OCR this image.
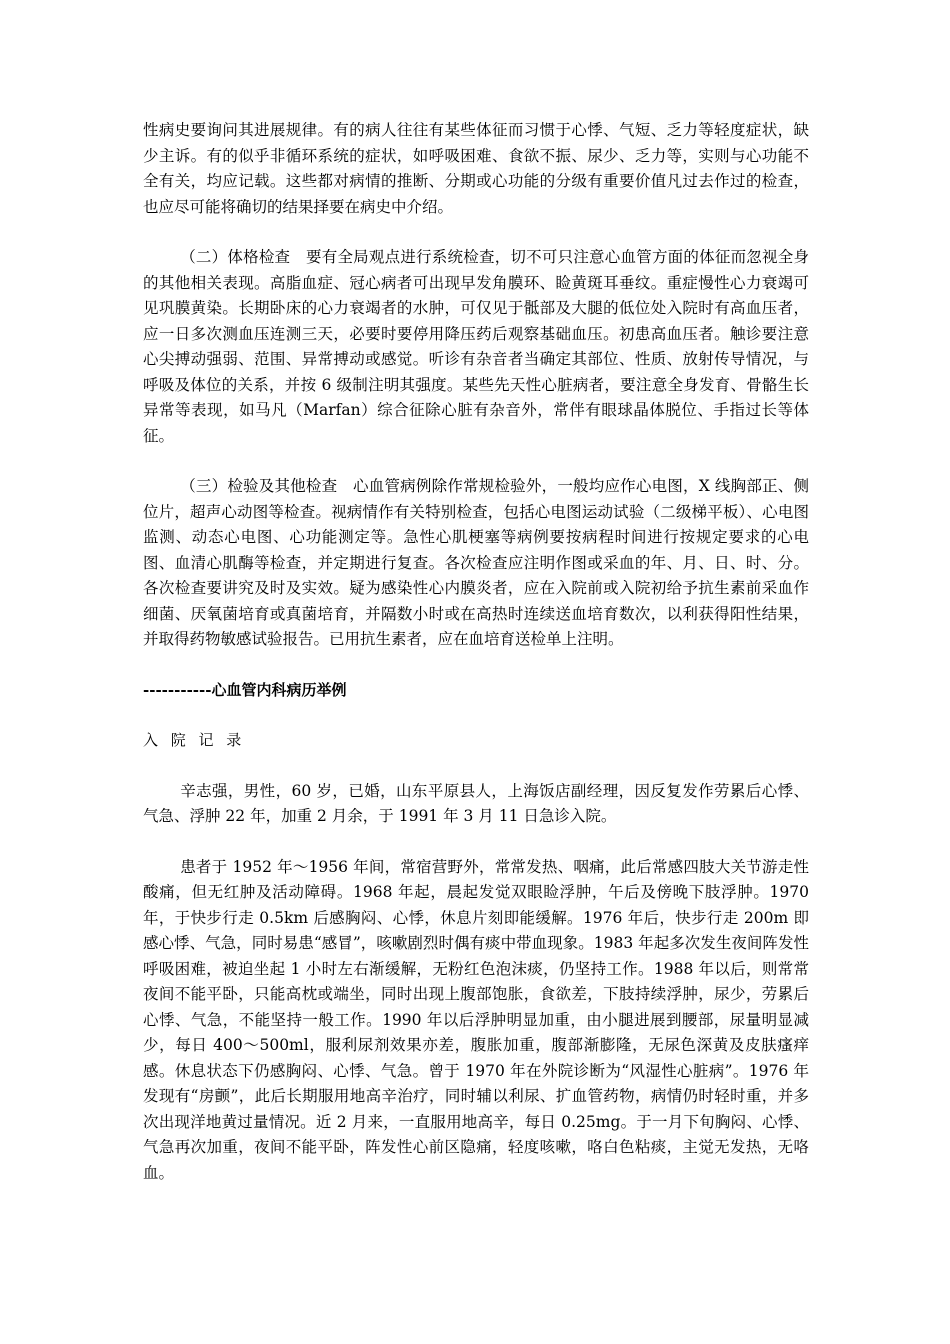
性病史要询问其进展规律。有的病人往往有某些体征而习惯于心悸、气短、乏力等轻度症状，缺少主诉。有的似乎非循环系统的症状，如呼吸困难、食欲不振、尿少、乏力等，实则与心功能不全有关，均应记载。这些都对病情的推断、分期或心功能的分级有重要价值凡过去作过的检查，也应尽可能将确切的结果择要在病史中介绍。

（二）体格检查　要有全局观点进行系统检查，切不可只注意心血管方面的体征而忽视全身的其他相关表现。高脂血症、冠心病者可出现早发角膜环、睑黄斑耳垂纹。重症慢性心力衰竭可见巩膜黄染。长期卧床的心力衰竭者的水肿，可仅见于骶部及大腿的低位处入院时有高血压者，应一日多次测血压连测三天，必要时要停用降压药后观察基础血压。初患高血压者。触诊要注意心尖搏动强弱、范围、异常搏动或感觉。听诊有杂音者当确定其部位、性质、放射传导情况，与呼吸及体位的关系，并按 6 级制注明其强度。某些先天性心脏病者，要注意全身发育、骨骼生长异常等表现，如马凡（Marfan）综合征除心脏有杂音外，常伴有眼球晶体脱位、手指过长等体征。

（三）检验及其他检查　心血管病例除作常规检验外，一般均应作心电图，X 线胸部正、侧位片，超声心动图等检查。视病情作有关特别检查，包括心电图运动试验（二级梯平板）、心电图监测、动态心电图、心功能测定等。急性心肌梗塞等病例要按病程时间进行按规定要求的心电图、血清心肌酶等检查，并定期进行复查。各次检查应注明作图或采血的年、月、日、时、分。各次检查要讲究及时及实效。疑为感染性心内膜炎者，应在入院前或入院初给予抗生素前采血作细菌、厌氧菌培育或真菌培育，并隔数小时或在高热时连续送血培育数次，以利获得阳性结果，并取得药物敏感试验报告。已用抗生素者，应在血培育送检单上注明。

-----------心血管内科病历举例

入 院 记 录

辛志强，男性，60 岁，已婚，山东平原县人，上海饭店副经理，因反复发作劳累后心悸、气急、浮肿 22 年，加重 2 月余，于 1991 年 3 月 11 日急诊入院。

患者于 1952 年～1956 年间，常宿营野外，常常发热、咽痛，此后常感四肢大关节游走性酸痛，但无红肿及活动障碍。1968 年起，晨起发觉双眼睑浮肿，午后及傍晚下肢浮肿。1970 年，于快步行走 0.5km 后感胸闷、心悸，休息片刻即能缓解。1976 年后，快步行走 200m 即感心悸、气急，同时易患“感冒”，咳嗽剧烈时偶有痰中带血现象。1983 年起多次发生夜间阵发性呼吸困难，被迫坐起 1 小时左右渐缓解，无粉红色泡沫痰，仍坚持工作。1988 年以后，则常常夜间不能平卧，只能高枕或端坐，同时出现上腹部饱胀，食欲差，下肢持续浮肿，尿少，劳累后心悸、气急，不能坚持一般工作。1990 年以后浮肿明显加重，由小腿进展到腰部，尿量明显减少，每日 400～500ml，服利尿剂效果亦差，腹胀加重，腹部渐膨隆，无尿色深黄及皮肤瘙痒感。休息状态下仍感胸闷、心悸、气急。曾于 1970 年在外院诊断为“风湿性心脏病”。1976 年发现有“房颤”，此后长期服用地高辛治疗，同时辅以利尿、扩血管药物，病情仍时轻时重，并多次出现洋地黄过量情况。近 2 月来，一直服用地高辛，每日 0.25mg。于一月下旬胸闷、心悸、气急再次加重，夜间不能平卧，阵发性心前区隐痛，轻度咳嗽，咯白色粘痰，主觉无发热，无咯血。
